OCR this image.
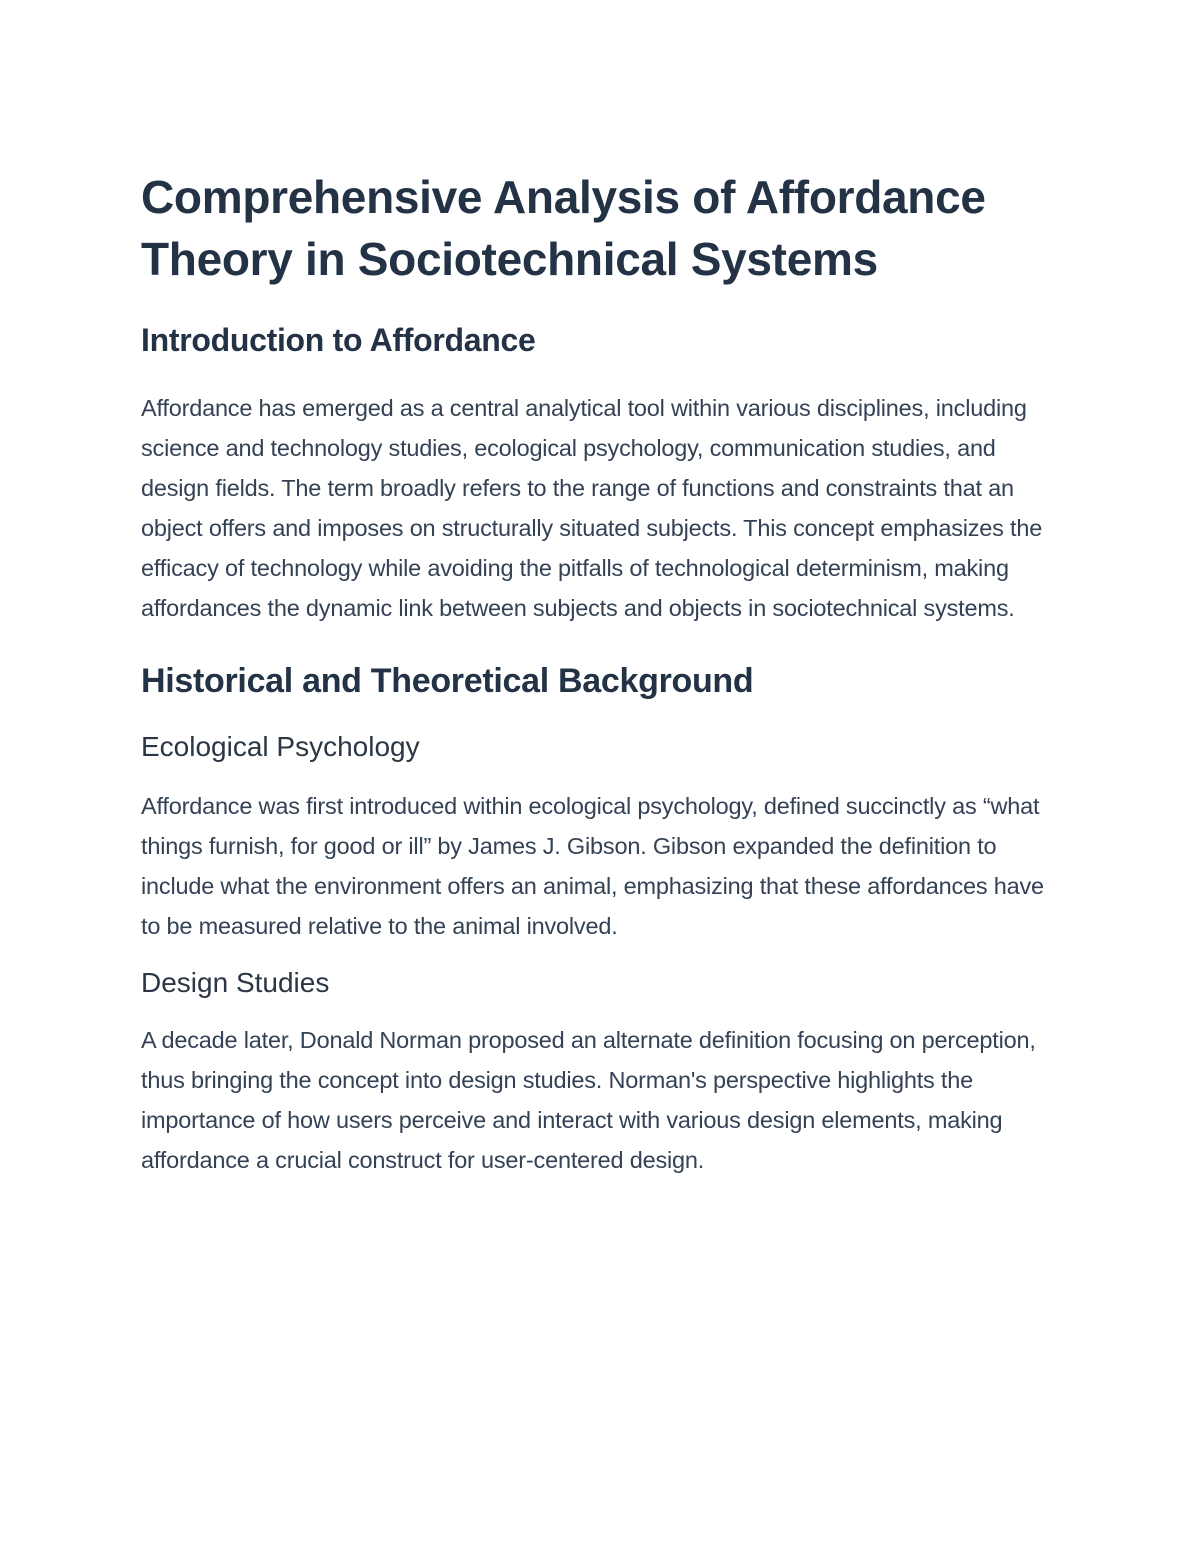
Comprehensive Analysis of Affordance Theory in Sociotechnical Systems
Introduction to Affordance

Affordance has emerged as a central analytical tool within various disciplines, including science and technology studies, ecological psychology, communication studies, and design fields. The term broadly refers to the range of functions and constraints that an object offers and imposes on structurally situated subjects. This concept emphasizes the efficacy of technology while avoiding the pitfalls of technological determinism, making affordances the dynamic link between subjects and objects in sociotechnical systems.

Historical and Theoretical Background
Ecological Psychology

Affordance was first introduced within ecological psychology, defined succinctly as “what things furnish, for good or ill” by James J. Gibson. Gibson expanded the definition to include what the environment offers an animal, emphasizing that these affordances have to be measured relative to the animal involved.

Design Studies

A decade later, Donald Norman proposed an alternate definition focusing on perception, thus bringing the concept into design studies. Norman's perspective highlights the importance of how users perceive and interact with various design elements, making affordance a crucial construct for user-centered design.
